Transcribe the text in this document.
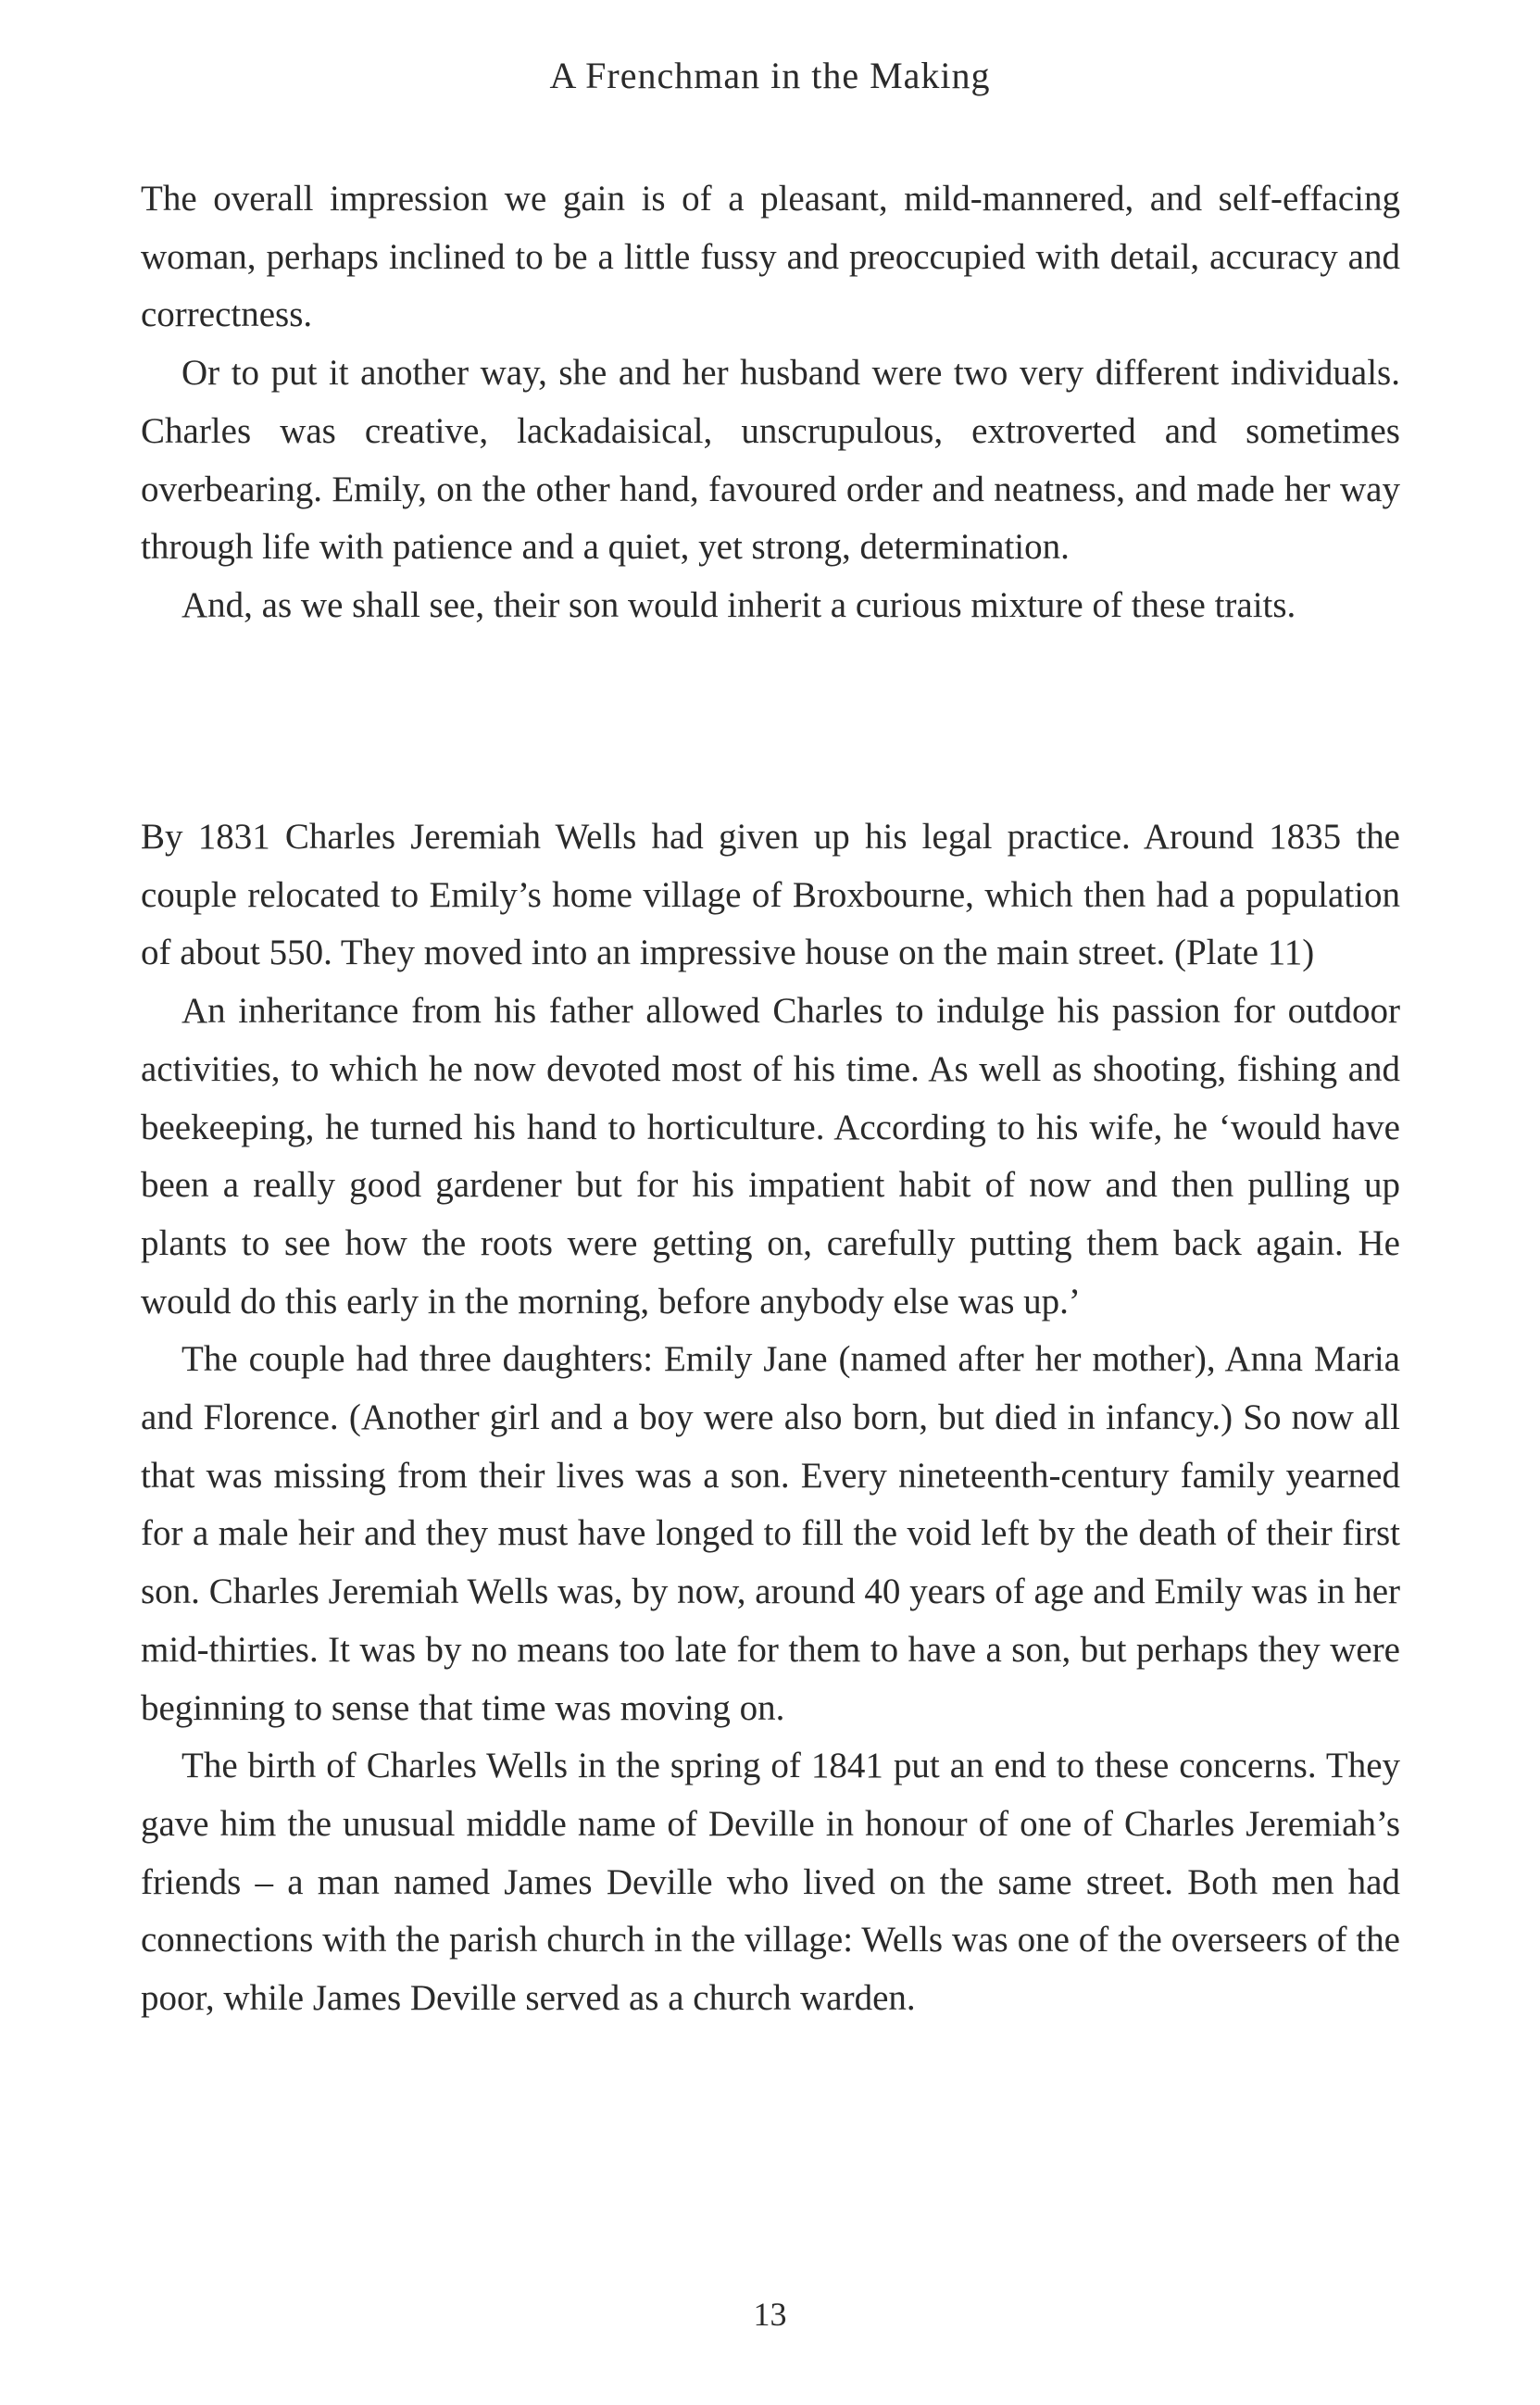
A Frenchman in the Making

The overall impression we gain is of a pleasant, mild-mannered, and self-effacing woman, perhaps inclined to be a little fussy and preoccupied with detail, accuracy and correctness.

Or to put it another way, she and her husband were two very different individuals. Charles was creative, lackadaisical, unscrupulous, extroverted and sometimes overbearing. Emily, on the other hand, favoured order and neatness, and made her way through life with patience and a quiet, yet strong, determination.

And, as we shall see, their son would inherit a curious mixture of these traits.

By 1831 Charles Jeremiah Wells had given up his legal practice. Around 1835 the couple relocated to Emily’s home village of Broxbourne, which then had a population of about 550. They moved into an impressive house on the main street. (Plate 11)

An inheritance from his father allowed Charles to indulge his passion for outdoor activities, to which he now devoted most of his time. As well as shooting, fishing and beekeeping, he turned his hand to horticulture. According to his wife, he ‘would have been a really good gardener but for his impatient habit of now and then pulling up plants to see how the roots were getting on, carefully putting them back again. He would do this early in the morning, before anybody else was up.’

The couple had three daughters: Emily Jane (named after her mother), Anna Maria and Florence. (Another girl and a boy were also born, but died in infancy.) So now all that was missing from their lives was a son. Every nineteenth-century family yearned for a male heir and they must have longed to fill the void left by the death of their first son. Charles Jeremiah Wells was, by now, around 40 years of age and Emily was in her mid-thirties. It was by no means too late for them to have a son, but perhaps they were beginning to sense that time was moving on.

The birth of Charles Wells in the spring of 1841 put an end to these concerns. They gave him the unusual middle name of Deville in honour of one of Charles Jeremiah’s friends – a man named James Deville who lived on the same street. Both men had connections with the parish church in the village: Wells was one of the overseers of the poor, while James Deville served as a church warden.

13
